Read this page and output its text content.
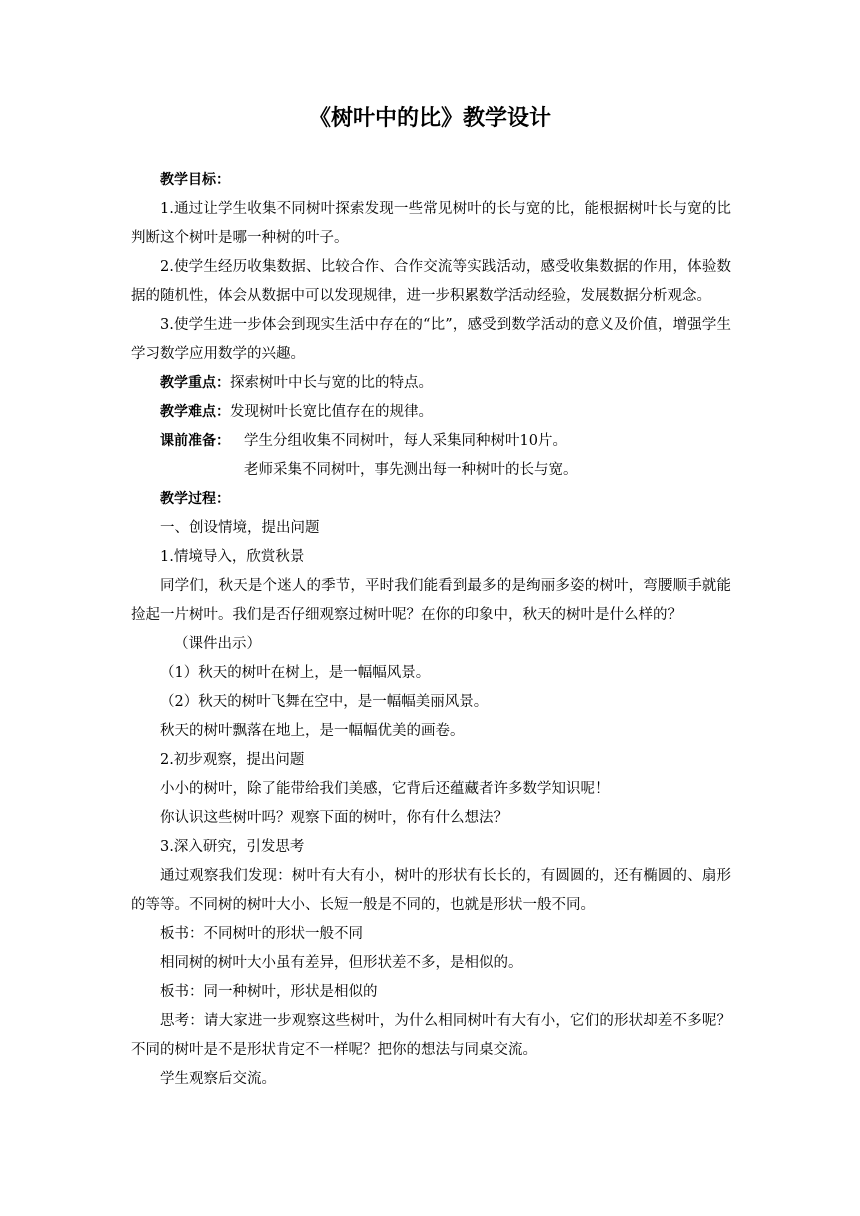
《树叶中的比》教学设计

教学目标：

1.通过让学生收集不同树叶探索发现一些常见树叶的长与宽的比，能根据树叶长与宽的比判断这个树叶是哪一种树的叶子。

2.使学生经历收集数据、比较合作、合作交流等实践活动，感受收集数据的作用，体验数据的随机性，体会从数据中可以发现规律，进一步积累数学活动经验，发展数据分析观念。

3.使学生进一步体会到现实生活中存在的“比”，感受到数学活动的意义及价值，增强学生学习数学应用数学的兴趣。

教学重点：探索树叶中长与宽的比的特点。

教学难点：发现树叶长宽比值存在的规律。

课前准备： 学生分组收集不同树叶，每人采集同种树叶10片。

老师采集不同树叶，事先测出每一种树叶的长与宽。

教学过程：

一、创设情境，提出问题

1.情境导入，欣赏秋景

同学们，秋天是个迷人的季节，平时我们能看到最多的是绚丽多姿的树叶，弯腰顺手就能捡起一片树叶。我们是否仔细观察过树叶呢？在你的印象中，秋天的树叶是什么样的？

（课件出示）

（1）秋天的树叶在树上，是一幅幅风景。

（2）秋天的树叶飞舞在空中，是一幅幅美丽风景。

秋天的树叶飘落在地上，是一幅幅优美的画卷。

2.初步观察，提出问题

小小的树叶，除了能带给我们美感，它背后还蕴藏者许多数学知识呢！

你认识这些树叶吗？观察下面的树叶，你有什么想法？

3.深入研究，引发思考

通过观察我们发现：树叶有大有小，树叶的形状有长长的，有圆圆的，还有椭圆的、扇形的等等。不同树的树叶大小、长短一般是不同的，也就是形状一般不同。

板书：不同树叶的形状一般不同

相同树的树叶大小虽有差异，但形状差不多，是相似的。

板书：同一种树叶，形状是相似的

思考：请大家进一步观察这些树叶，为什么相同树叶有大有小，它们的形状却差不多呢？不同的树叶是不是形状肯定不一样呢？把你的想法与同桌交流。

学生观察后交流。
